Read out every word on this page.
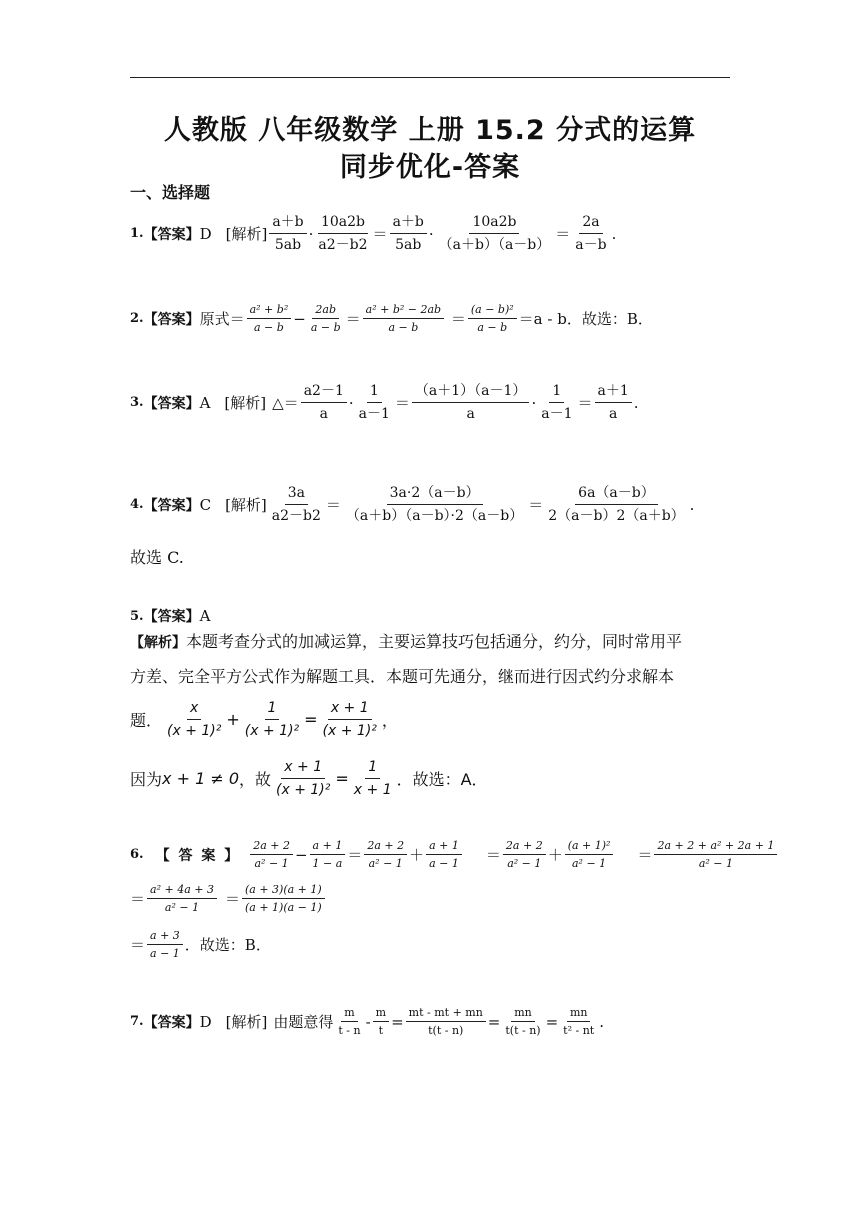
人教版 八年级数学 上册 15.2 分式的运算
同步优化-答案
一、选择题
1. 【答案】 D [解析] $\frac{a+b}{5ab} \cdot \frac{10a2b}{a2-b2} = \frac{a+b}{5ab} \cdot \frac{10a2b}{(a+b)(a-b)} = \frac{2a}{a-b}$ .
2. 【答案】 原式＝ $\frac{\text{a² + b²}}{a - b} - \frac{2ab}{a - b} = \frac{\text{a² + b² − 2ab}}{a - b} = \frac{\text{(a − b)²}}{a - b} =a - b$．故选：B．
3. 【答案】 A [解析] △＝ $\frac{a2-1}{a} \cdot \frac{1}{a-1} = \frac{(a+1)(a-1)}{a} \cdot \frac{1}{a-1} = \frac{a+1}{a}$ .
4. 【答案】 C [解析] $\frac{3a}{a2-b2} = \frac{3a\cdot 2(a-b)}{(a+b)(a-b)\cdot 2(a-b)} = \frac{6a(a-b)}{2(a-b)2(a+b)}$ .
故选 C.
5. 【答案】 A
【解析】本题考查分式的加减运算，主要运算技巧包括通分，约分，同时常用平
方差、完全平方公式作为解题工具．本题可先通分，继而进行因式约分求解本
题． $\frac{x}{\text{(x + 1)²}} + \frac{1}{\text{(x + 1)²}} = \frac{x + 1}{\text{(x + 1)²}}$ ，
因为 x + 1 ≠ 0 ，故 $\frac{x + 1}{\text{(x + 1)²}} = \frac{1}{x + 1}$ ．故选：A．
6. 【 答 案 】 $\frac{2a + 2}{\text{a² − 1}} - \frac{a + 1}{1 - a} = \frac{2a + 2}{\text{a² − 1}} + \frac{a + 1}{a - 1} = \frac{2a + 2}{\text{a² − 1}} + \frac{\text{(a + 1)²}}{\text{a² − 1}} = \frac{\text{2a + 2 + a² + 2a + 1}}{\text{a² − 1}}$
＝ $\frac{\text{a² + 4a + 3}}{\text{a² − 1}} = \frac{(a + 3)(a + 1)}{(a + 1)(a - 1)}$
＝ $\frac{a + 3}{a - 1}$ ．故选：B．
7. 【答案】 D [解析] 由题意得 $\frac{m}{t - n} - \frac{m}{t} = \frac{mt - mt + mn}{t(t - n)} = \frac{mn}{t(t - n)} = \frac{mn}{\text{t² - nt}}$ .
